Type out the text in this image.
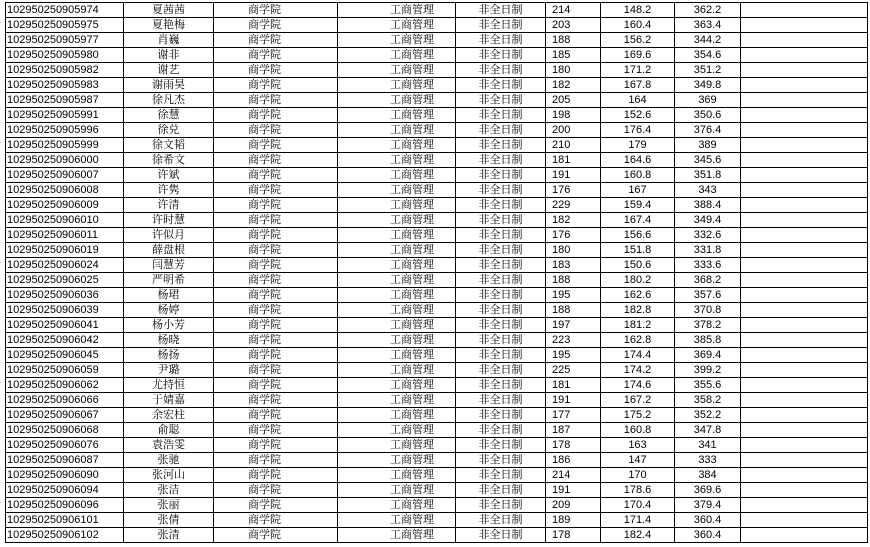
102950250905974	夏茜茜	商学院	工商管理	非全日制	214	148.2	362.2	
102950250905975	夏艳梅	商学院	工商管理	非全日制	203	160.4	363.4	
102950250905977	肖巍	商学院	工商管理	非全日制	188	156.2	344.2	
102950250905980	谢非	商学院	工商管理	非全日制	185	169.6	354.6	
102950250905982	谢艺	商学院	工商管理	非全日制	180	171.2	351.2	
102950250905983	谢雨昊	商学院	工商管理	非全日制	182	167.8	349.8	
102950250905987	徐凡杰	商学院	工商管理	非全日制	205	164	369	
102950250905991	徐慧	商学院	工商管理	非全日制	198	152.6	350.6	
102950250905996	徐兑	商学院	工商管理	非全日制	200	176.4	376.4	
102950250905999	徐文韬	商学院	工商管理	非全日制	210	179	389	
102950250906000	徐希文	商学院	工商管理	非全日制	181	164.6	345.6	
102950250906007	许斌	商学院	工商管理	非全日制	191	160.8	351.8	
102950250906008	许隽	商学院	工商管理	非全日制	176	167	343	
102950250906009	许清	商学院	工商管理	非全日制	229	159.4	388.4	
102950250906010	许时慧	商学院	工商管理	非全日制	182	167.4	349.4	
102950250906011	许似月	商学院	工商管理	非全日制	176	156.6	332.6	
102950250906019	薛盘根	商学院	工商管理	非全日制	180	151.8	331.8	
102950250906024	闫慧芳	商学院	工商管理	非全日制	183	150.6	333.6	
102950250906025	严明希	商学院	工商管理	非全日制	188	180.2	368.2	
102950250906036	杨珺	商学院	工商管理	非全日制	195	162.6	357.6	
102950250906039	杨婷	商学院	工商管理	非全日制	188	182.8	370.8	
102950250906041	杨小芳	商学院	工商管理	非全日制	197	181.2	378.2	
102950250906042	杨晓	商学院	工商管理	非全日制	223	162.8	385.8	
102950250906045	杨扬	商学院	工商管理	非全日制	195	174.4	369.4	
102950250906059	尹璐	商学院	工商管理	非全日制	225	174.2	399.2	
102950250906062	尤持恒	商学院	工商管理	非全日制	181	174.6	355.6	
102950250906066	于婧嘉	商学院	工商管理	非全日制	191	167.2	358.2	
102950250906067	余宏柱	商学院	工商管理	非全日制	177	175.2	352.2	
102950250906068	俞聪	商学院	工商管理	非全日制	187	160.8	347.8	
102950250906076	袁浩雯	商学院	工商管理	非全日制	178	163	341	
102950250906087	张驰	商学院	工商管理	非全日制	186	147	333	
102950250906090	张河山	商学院	工商管理	非全日制	214	170	384	
102950250906094	张洁	商学院	工商管理	非全日制	191	178.6	369.6	
102950250906096	张丽	商学院	工商管理	非全日制	209	170.4	379.4	
102950250906101	张倩	商学院	工商管理	非全日制	189	171.4	360.4	
102950250906102	张清	商学院	工商管理	非全日制	178	182.4	360.4	
